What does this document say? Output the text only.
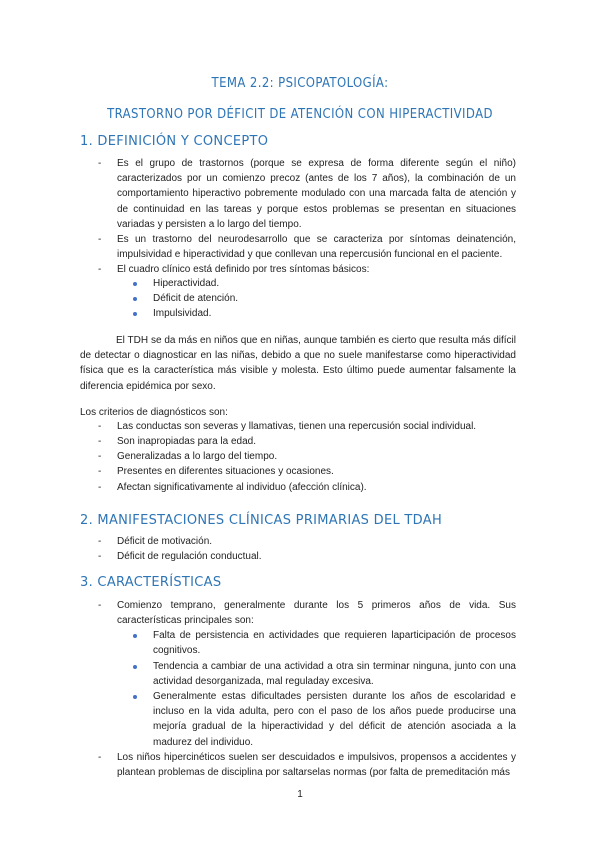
TEMA 2.2: PSICOPATOLOGÍA:
TRASTORNO POR DÉFICIT DE ATENCIÓN CON HIPERACTIVIDAD
1. DEFINICIÓN Y CONCEPTO
- Es el grupo de trastornos (porque se expresa de forma diferente según el niño) caracterizados por un comienzo precoz (antes de los 7 años), la combinación de un comportamiento hiperactivo pobremente modulado con una marcada falta de atención y de continuidad en las tareas y porque estos problemas se presentan en situaciones variadas y persisten a lo largo del tiempo.
- Es un trastorno del neurodesarrollo que se caracteriza por síntomas deinatención, impulsividad e hiperactividad y que conllevan una repercusión funcional en el paciente.
- El cuadro clínico está definido por tres síntomas básicos:
Hiperactividad.
Déficit de atención.
Impulsividad.
El TDH se da más en niños que en niñas, aunque también es cierto que resulta más difícil de detectar o diagnosticar en las niñas, debido a que no suele manifestarse como hiperactividad física que es la característica más visible y molesta. Esto último puede aumentar falsamente la diferencia epidémica por sexo.
Los criterios de diagnósticos son:
- Las conductas son severas y llamativas, tienen una repercusión social individual.
- Son inapropiadas para la edad.
- Generalizadas a lo largo del tiempo.
- Presentes en diferentes situaciones y ocasiones.
- Afectan significativamente al individuo (afección clínica).
2. MANIFESTACIONES CLÍNICAS PRIMARIAS DEL TDAH
- Déficit de motivación.
- Déficit de regulación conductual.
3. CARACTERÍSTICAS
- Comienzo temprano, generalmente durante los 5 primeros años de vida. Sus características principales son:
Falta de persistencia en actividades que requieren laparticipación de procesos cognitivos.
Tendencia a cambiar de una actividad a otra sin terminar ninguna, junto con una actividad desorganizada, mal reguladay excesiva.
Generalmente estas dificultades persisten durante los años de escolaridad e incluso en la vida adulta, pero con el paso de los años puede producirse una mejoría gradual de la hiperactividad y del déficit de atención asociada a la madurez del individuo.
- Los niños hipercinéticos suelen ser descuidados e impulsivos, propensos a accidentes y plantean problemas de disciplina por saltarselas normas (por falta de premeditación más
1
